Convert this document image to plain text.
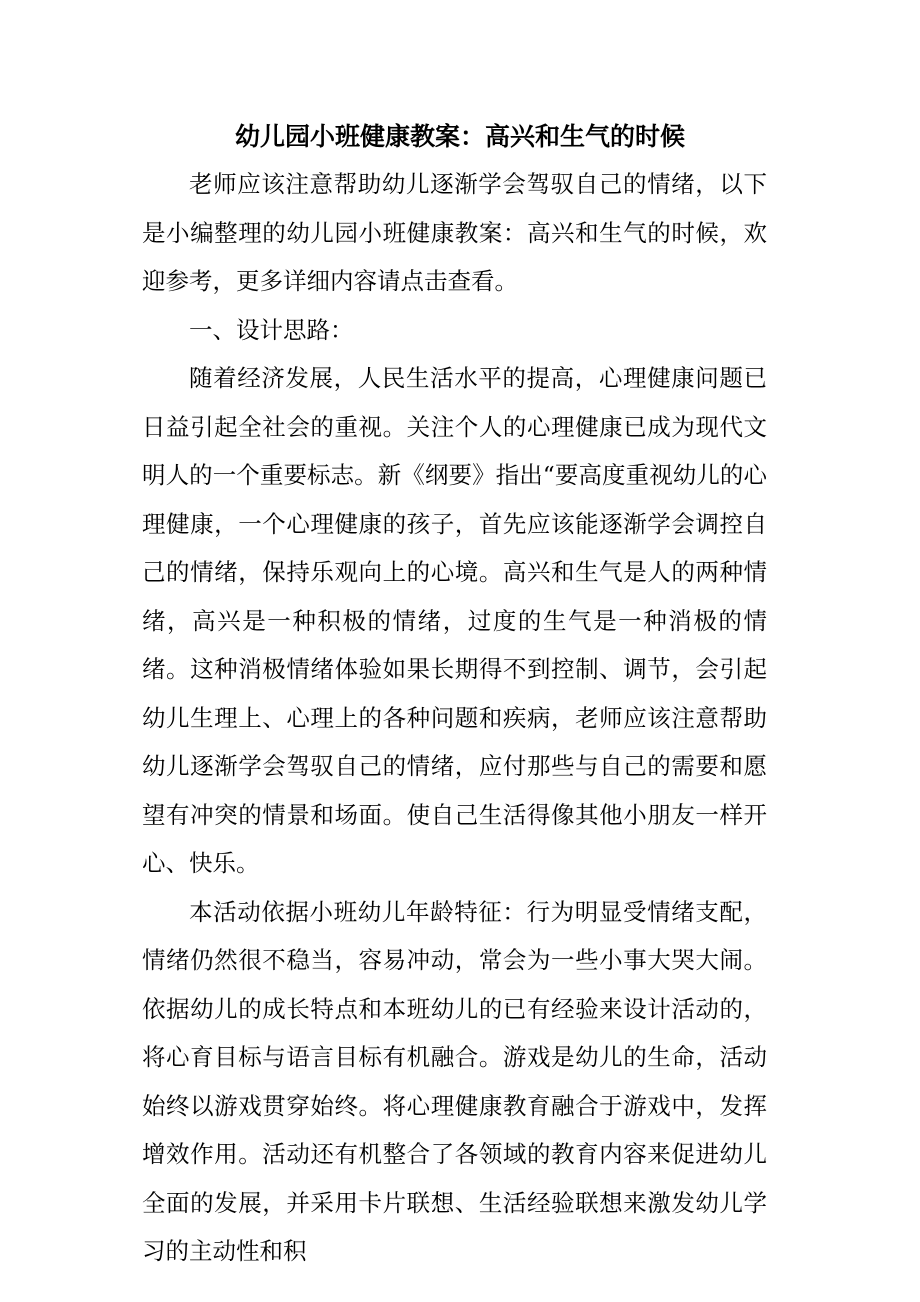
幼儿园小班健康教案：高兴和生气的时候

老师应该注意帮助幼儿逐渐学会驾驭自己的情绪，以下是小编整理的幼儿园小班健康教案：高兴和生气的时候，欢迎参考，更多详细内容请点击查看。

一、设计思路：

随着经济发展，人民生活水平的提高，心理健康问题已日益引起全社会的重视。关注个人的心理健康已成为现代文明人的一个重要标志。新《纲要》指出“要高度重视幼儿的心理健康，一个心理健康的孩子，首先应该能逐渐学会调控自己的情绪，保持乐观向上的心境。高兴和生气是人的两种情绪，高兴是一种积极的情绪，过度的生气是一种消极的情绪。这种消极情绪体验如果长期得不到控制、调节，会引起幼儿生理上、心理上的各种问题和疾病，老师应该注意帮助幼儿逐渐学会驾驭自己的情绪，应付那些与自己的需要和愿望有冲突的情景和场面。使自己生活得像其他小朋友一样开心、快乐。

本活动依据小班幼儿年龄特征：行为明显受情绪支配，情绪仍然很不稳当，容易冲动，常会为一些小事大哭大闹。依据幼儿的成长特点和本班幼儿的已有经验来设计活动的，将心育目标与语言目标有机融合。游戏是幼儿的生命，活动始终以游戏贯穿始终。将心理健康教育融合于游戏中，发挥增效作用。活动还有机整合了各领域的教育内容来促进幼儿全面的发展，并采用卡片联想、生活经验联想来激发幼儿学习的主动性和积
